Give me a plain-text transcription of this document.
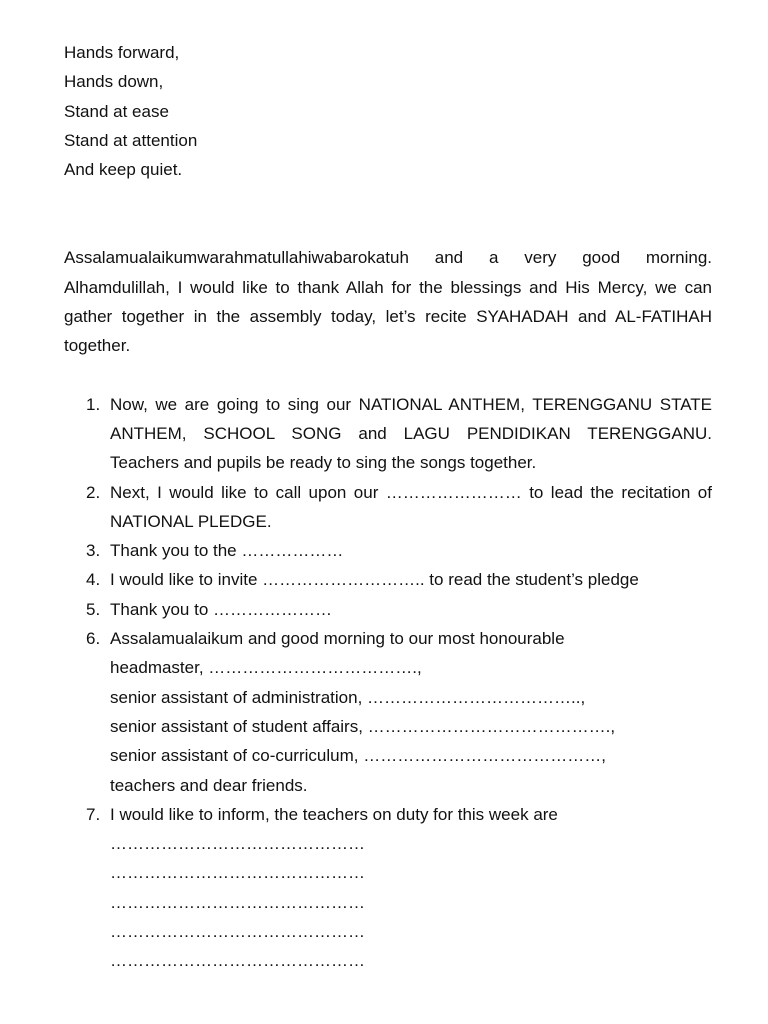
Hands forward,
Hands down,
Stand at ease
Stand at attention
And keep quiet.

Assalamualaikumwarahmatullahiwabarokatuh and a very good morning. Alhamdulillah, I would like to thank Allah for the blessings and His Mercy, we can gather together in the assembly today, let’s recite SYAHADAH and AL-FATIHAH together.

1. Now, we are going to sing our NATIONAL ANTHEM, TERENGGANU STATE ANTHEM, SCHOOL SONG and LAGU PENDIDIKAN TERENGGANU. Teachers and pupils be ready to sing the songs together.
2. Next, I would like to call upon our …………………… to lead the recitation of NATIONAL PLEDGE.
3. Thank you to the ………………
4. I would like to invite ……………………….. to read the student’s pledge
5. Thank you to …………………
6. Assalamualaikum and good morning to our most honourable
headmaster, ……………………………….,
senior assistant of administration, ………………………………..,
senior assistant of student affairs, …………………………………….,
senior assistant of co-curriculum, ……………………………………,
teachers and dear friends.
7. I would like to inform, the teachers on duty for this week are
………………………………………
………………………………………
………………………………………
………………………………………
………………………………………
